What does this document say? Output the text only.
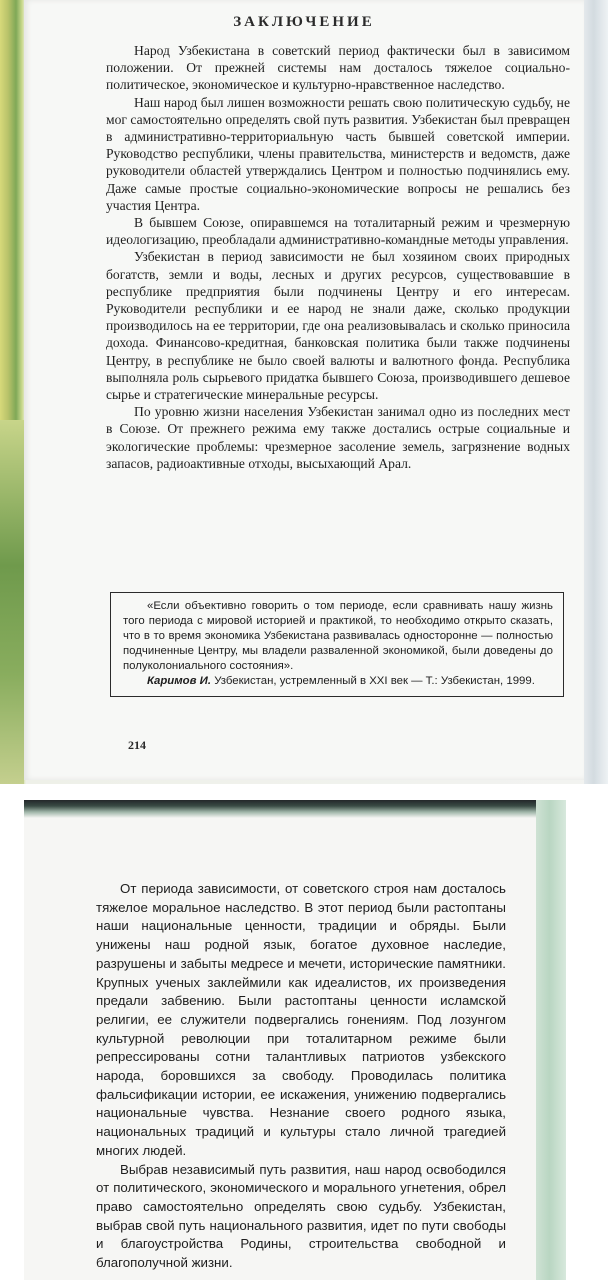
ЗАКЛЮЧЕНИЕ

Народ Узбекистана в советский период фактически был в зависимом положении. От прежней системы нам досталось тяжелое социально-политическое, экономическое и культурно-нравственное наследство.

Наш народ был лишен возможности решать свою политическую судьбу, не мог самостоятельно определять свой путь развития. Узбекистан был превращен в административно-территориальную часть бывшей советской империи. Руководство республики, члены правительства, министерств и ведомств, даже руководители областей утверждались Центром и полностью подчинялись ему. Даже самые простые социально-экономические вопросы не решались без участия Центра.

В бывшем Союзе, опиравшемся на тоталитарный режим и чрезмерную идеологизацию, преобладали административно-командные методы управления.

Узбекистан в период зависимости не был хозяином своих природных богатств, земли и воды, лесных и других ресурсов, существовавшие в республике предприятия были подчинены Центру и его интересам. Руководители республики и ее народ не знали даже, сколько продукции производилось на ее территории, где она реализовывалась и сколько приносила дохода. Финансово-кредитная, банковская политика были также подчинены Центру, в республике не было своей валюты и валютного фонда. Республика выполняла роль сырьевого придатка бывшего Союза, производившего дешевое сырье и стратегические минеральные ресурсы.

По уровню жизни населения Узбекистан занимал одно из последних мест в Союзе. От прежнего режима ему также достались острые социальные и экологические проблемы: чрезмерное засоление земель, загрязнение водных запасов, радиоактивные отходы, высыхающий Арал.

«Если объективно говорить о том периоде, если сравнивать нашу жизнь того периода с мировой историей и практикой, то необходимо открыто сказать, что в то время экономика Узбекистана развивалась односторонне — полностью подчиненные Центру, мы владели развaленной экономикой, были доведены до полуколониального состояния».

Каримов И. Узбекистан, устремленный в XXI век — Т.: Узбекистан, 1999.

214

От периода зависимости, от советского строя нам досталось тяжелое моральное наследство. В этот период были растоптаны наши национальные ценности, традиции и обряды. Были унижены наш родной язык, богатое духовное наследие, разрушены и забыты медресе и мечети, исторические памятники. Крупных ученых заклеймили как идеалистов, их произведения предали забвению. Были растоптаны ценности исламской религии, ее служители подвергались гонениям. Под лозунгом культурной революции при тоталитарном режиме были репрессированы сотни талантливых патриотов узбекского народа, боровшихся за свободу. Проводилась политика фальсификации истории, ее искажения, унижению подвергались национальные чувства. Незнание своего родного языка, национальных традиций и культуры стало личной трагедией многих людей.

Выбрав независимый путь развития, наш народ освободился от политического, экономического и морального угнетения, обрел право самостоятельно определять свою судьбу. Узбекистан, выбрав свой путь национального развития, идет по пути свободы и благоустройства Родины, строительства свободной и благополучной жизни.
